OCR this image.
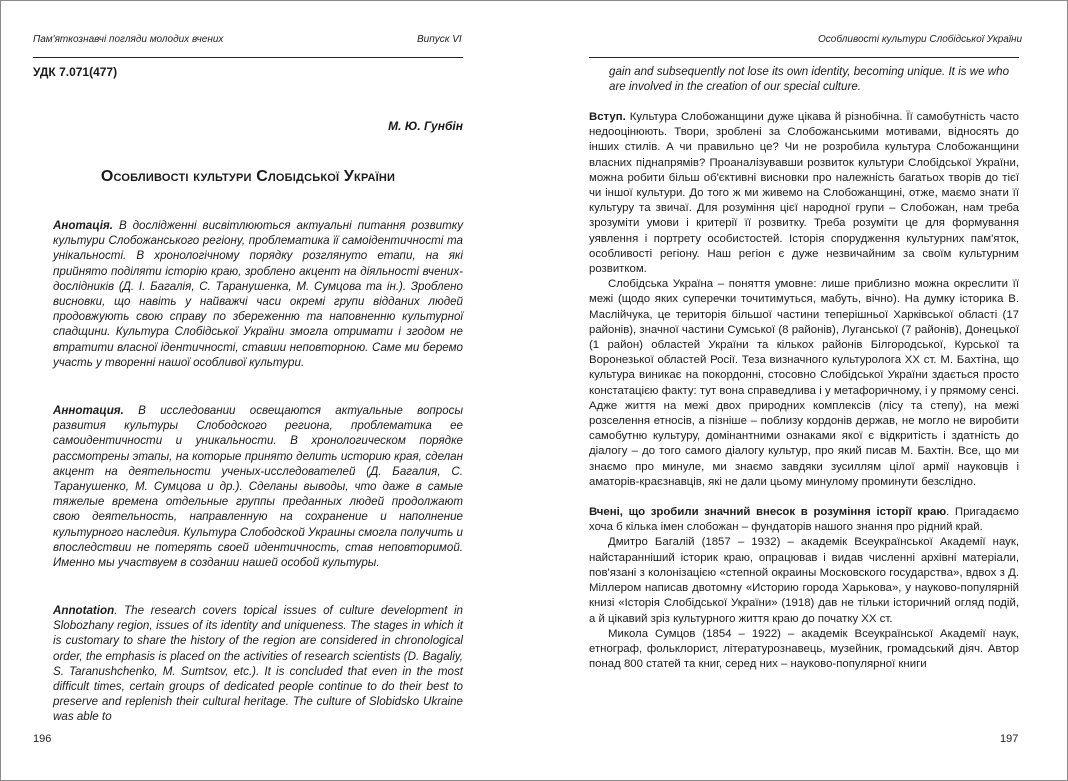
Пам'яткознавчі погляди молодих вчених	Випуск VI
УДК 7.071(477)
М. Ю. Гунбін
Особливості культури Слобідської України
Анотація. В дослідженні висвітлюються актуальні питання розвитку культури Слобожанського регіону, проблематика її самоідентичності та унікальності. В хронологічному порядку розглянуто етапи, на які прийнято поділяти історію краю, зроблено акцент на діяльності вчених-дослідників (Д. І. Багалія, С. Таранушенка, М. Сумцова та ін.). Зроблено висновки, що навіть у найважчі часи окремі групи відданих людей продовжують свою справу по збереженню та наповненню культурної спадщини. Культура Слобідської України змогла отримати і згодом не втратити власної ідентичності, ставши неповторною. Саме ми беремо участь у творенні нашої особливої культури.
Аннотация. В исследовании освещаются актуальные вопросы развития культуры Слободского региона, проблематика ее самоидентичности и уникальности. В хронологическом порядке рассмотрены этапы, на которые принято делить историю края, сделан акцент на деятельности ученых-исследователей (Д. Багалия, С. Таранушенко, М. Сумцова и др.). Сделаны выводы, что даже в самые тяжелые времена отдельные группы преданных людей продолжают свою деятельность, направленную на сохранение и наполнение культурного наследия. Культура Слободской Украины смогла получить и впоследствии не потерять своей идентичность, став неповторимой. Именно мы участвуем в создании нашей особой культуры.
Annotation. The research covers topical issues of culture development in Slobozhany region, issues of its identity and uniqueness. The stages in which it is customary to share the history of the region are considered in chronological order, the emphasis is placed on the activities of research scientists (D. Bagaliy, S. Taranushchenko, M. Sumtsov, etc.). It is concluded that even in the most difficult times, certain groups of dedicated people continue to do their best to preserve and replenish their cultural heritage. The culture of Slobidsko Ukraine was able to
196
Особливості культури Слобідської України
gain and subsequently not lose its own identity, becoming unique. It is we who are involved in the creation of our special culture.

Вступ. Культура Слобожанщини дуже цікава й різнобічна. Її самобутність часто недооцінюють. Твори, зроблені за Слобожанськими мотивами, відносять до інших стилів. А чи правильно це? Чи не розробила культура Слобожанщини власних піднапрямів? Проаналізувавши розвиток культури Слобідської України, можна робити більш об'єктивні висновки про належність багатьох творів до тієї чи іншої культури. До того ж ми живемо на Слобожанщині, отже, маємо знати її культуру та звичаї. Для розуміння цієї народної групи – Слобожан, нам треба зрозуміти умови і критерії її розвитку. Треба розуміти це для формування уявлення і портрету особистостей. Історія спорудження культурних пам'яток, особливості регіону. Наш регіон є дуже незвичайним за своїм культурним розвитком.

Слобідська Україна – поняття умовне: лише приблизно можна окреслити її межі (щодо яких суперечки точитимуться, мабуть, вічно). На думку історика В. Маслійчука, це територія більшої частини теперішньої Харківської області (17 районів), значної частини Сумської (8 районів), Луганської (7 районів), Донецької (1 район) областей України та кількох районів Білгородської, Курської та Воронезької областей Росії. Теза визначного культуролога ХХ ст. М. Бахтіна, що культура виникає на покордонні, стосовно Слобідської України здається просто констатацією факту: тут вона справедлива і у метафоричному, і у прямому сенсі. Адже життя на межі двох природних комплексів (лісу та степу), на межі розселення етносів, а пізніше – поблизу кордонів держав, не могло не виробити самобутню культуру, домінантними ознаками якої є відкритість і здатність до діалогу – до того самого діалогу культур, про який писав М. Бахтін. Все, що ми знаємо про минуле, ми знаємо завдяки зусиллям цілої армії науковців і аматорів-краєзнавців, які не дали цьому минулому проминути безслідно.

Вчені, що зробили значний внесок в розуміння історії краю. Пригадаємо хоча б кілька імен слобожан – фундаторів нашого знання про рідний край.

Дмитро Багалій (1857 – 1932) – академік Всеукраїнської Академії наук, найстаранніший історик краю, опрацював і видав численні архівні матеріали, пов'язані з колонізацією «степной окраины Московского государства», вдвох з Д. Міллером написав двотомну «Историю города Харькова», у науково-популярній книзі «Історія Слобідської України» (1918) дав не тільки історичний огляд подій, а й цікавий зріз культурного життя краю до початку ХХ ст.

Микола Сумцов (1854 – 1922) – академік Всеукраїнської Академії наук, етнограф, фольклорист, літературознавець, музейник, громадський діяч. Автор понад 800 статей та книг, серед них – науково-популярної книги

197
